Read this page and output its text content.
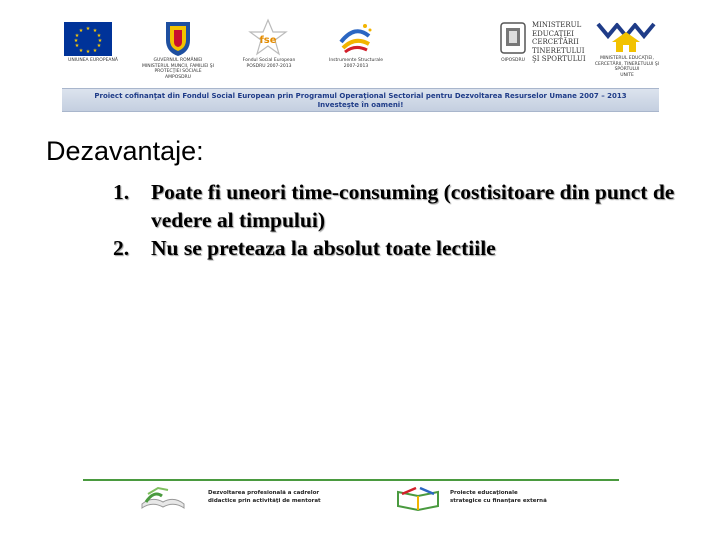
★ ★
★
★
★
★
★
★
★
★
★
★
UNIUNEA EUROPEANĂ	GUVERNUL ROMÂNIEI
MINISTERUL MUNCII, FAMILIEI ŞI
PROTECŢIEI SOCIALE
AMPOSDRU
fse
Fondul Social European
POSDRU 2007-2013
Instrumente Structurale
2007-2013
OIPOSDRU
MINISTERUL
EDUCAŢIEI
CERCETĂRII
TINERETULUI
ŞI SPORTULUI	MINISTERUL EDUCAŢIEI,
CERCETĂRII, TINERETULUI ŞI SPORTULUI
UNITE
Proiect cofinanţat din Fondul Social European prin Programul Operaţional Sectorial pentru Dezvoltarea Resurselor Umane 2007 – 2013
Investeşte în oameni!
Dezavantaje:
1.	Poate fi uneori time-consuming (costisitoare din punct de vedere al timpului)
2.	Nu se preteaza la absolut toate lectiile
Dezvoltarea profesională a cadrelor
didactice prin activităţi de mentorat
Proiecte educaţionale
strategice cu finanţare externă
